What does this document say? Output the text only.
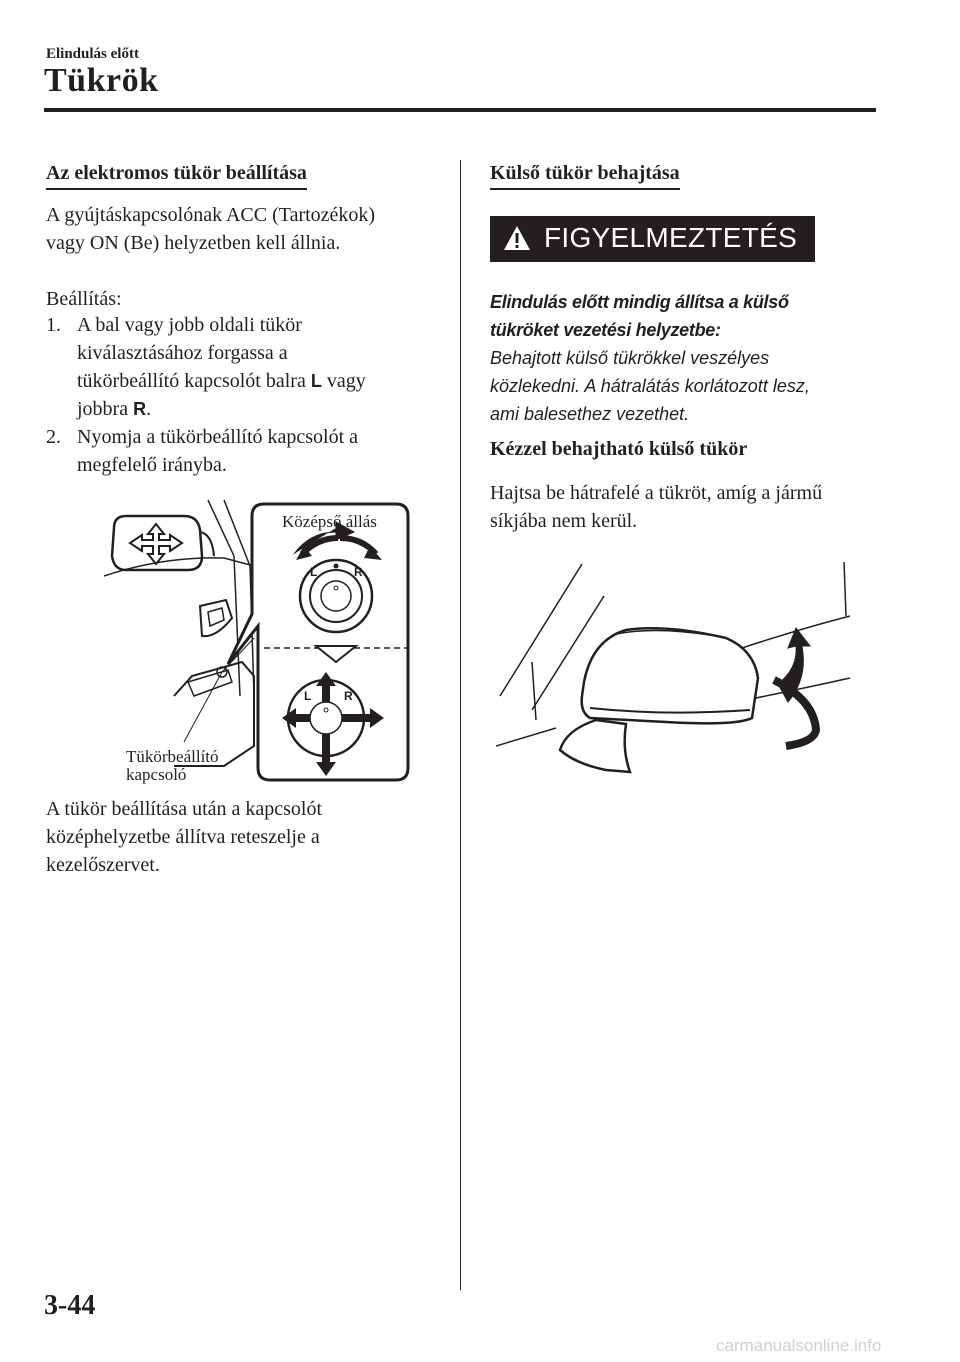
Elindulás előtt
Tükrök
Az elektromos tükör beállítása
A gyújtáskapcsolónak ACC (Tartozékok)
vagy ON (Be) helyzetben kell állnia.
Beállítás:
1. A bal vagy jobb oldali tükör
kiválasztásához forgassa a
tükörbeállító kapcsolót balra L vagy
jobbra R.
2. Nyomja a tükörbeállító kapcsolót a
megfelelő irányba.
L	R
L	R
Középső állás
Tükörbeállító
kapcsoló
A tükör beállítása után a kapcsolót
középhelyzetbe állítva reteszelje a
kezelőszervet.
Külső tükör behajtása
FIGYELMEZTETÉS
Elindulás előtt mindig állítsa a külső
tükröket vezetési helyzetbe:
Behajtott külső tükrökkel veszélyes
közlekedni. A hátralátás korlátozott lesz,
ami balesethez vezethet.
Kézzel behajtható külső tükör
Hajtsa be hátrafelé a tükröt, amíg a jármű
síkjába nem kerül.
3-44
carmanualsonline.info
